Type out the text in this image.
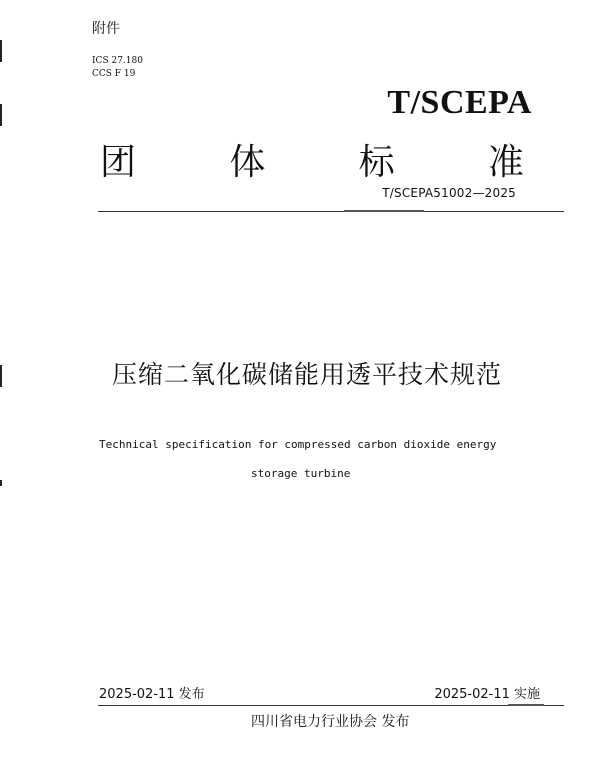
附件
ICS 27.180
CCS F 19
T/SCEPA
团	体	标	准
T/SCEPA51002—2025
压缩二氧化碳储能用透平技术规范
Technical specification for compressed carbon dioxide energy
storage turbine
2025-02-11 发布	2025-02-11 实施
四川省电力行业协会 发布
